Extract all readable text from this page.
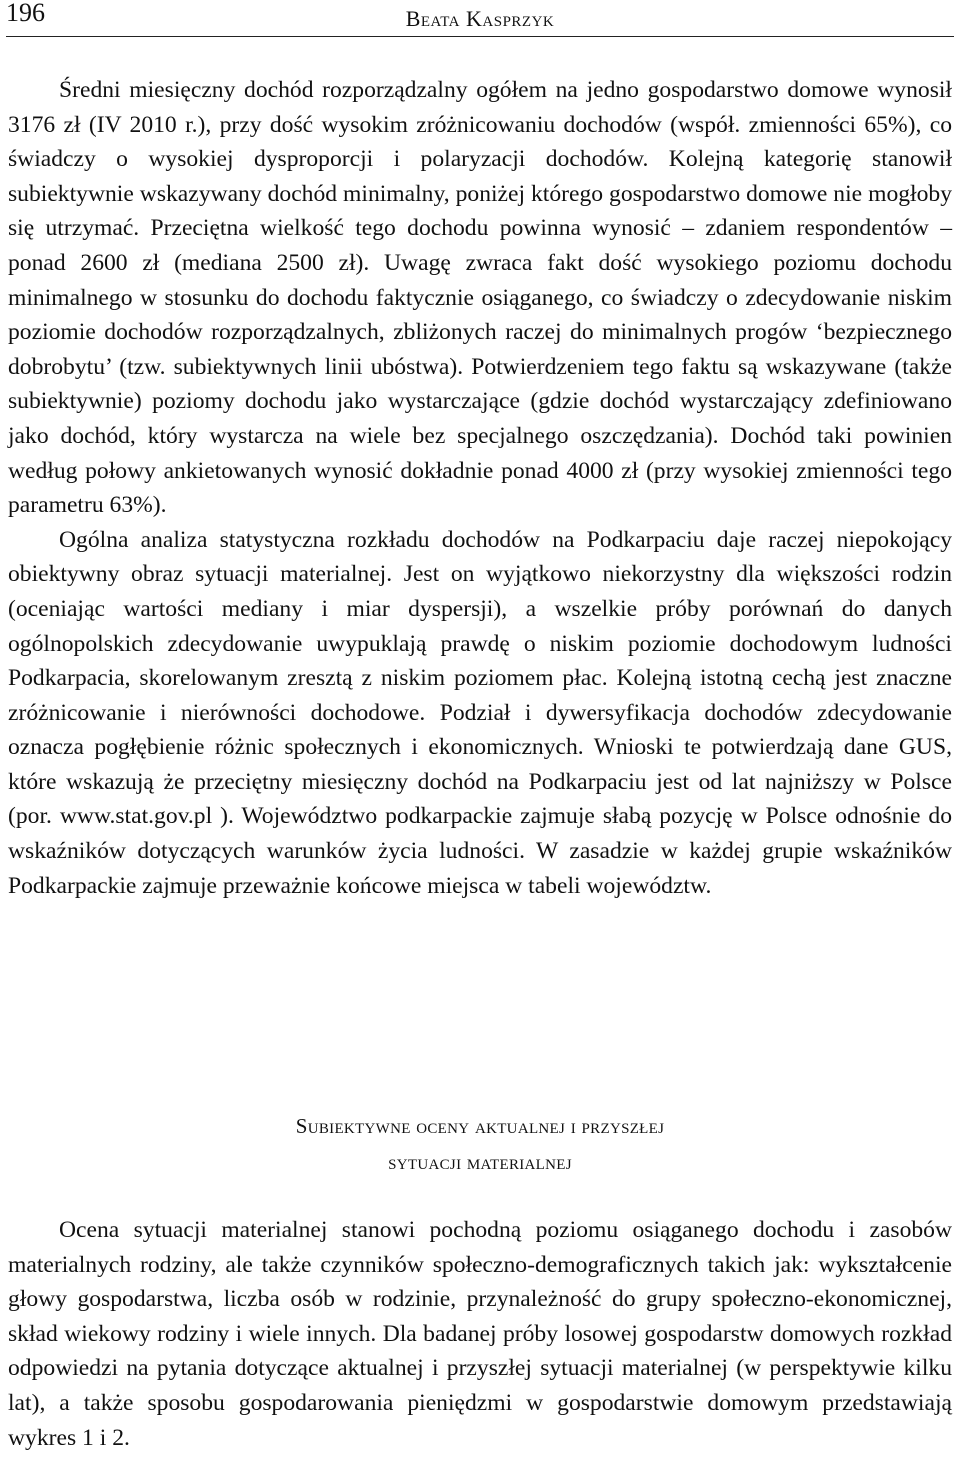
196	Beata Kasprzyk

Średni miesięczny dochód rozporządzalny ogółem na jedno gospodarstwo domowe wynosił 3176 zł (IV 2010 r.), przy dość wysokim zróżnicowaniu dochodów (współ. zmienności 65%), co świadczy o wysokiej dysproporcji i polaryzacji dochodów. Kolejną kategorię stanowił subiektywnie wskazywany dochód minimalny, poniżej którego gospodarstwo domowe nie mogłoby się utrzymać. Przeciętna wielkość tego dochodu powinna wynosić – zdaniem respondentów – ponad 2600 zł (mediana 2500 zł). Uwagę zwraca fakt dość wysokiego poziomu dochodu minimalnego w stosunku do dochodu faktycznie osiąganego, co świadczy o zdecydowanie niskim poziomie dochodów rozporządzalnych, zbliżonych raczej do minimalnych progów ‘bezpiecznego dobrobytu’ (tzw. subiektywnych linii ubóstwa). Potwierdzeniem tego faktu są wskazywane (także subiektywnie) poziomy dochodu jako wystarczające (gdzie dochód wystarczający zdefiniowano jako dochód, który wystarcza na wiele bez specjalnego oszczędzania). Dochód taki powinien według połowy ankietowanych wynosić dokładnie ponad 4000 zł (przy wysokiej zmienności tego parametru 63%).

Ogólna analiza statystyczna rozkładu dochodów na Podkarpaciu daje raczej niepokojący obiektywny obraz sytuacji materialnej. Jest on wyjątkowo niekorzystny dla większości rodzin (oceniając wartości mediany i miar dyspersji), a wszelkie próby porównań do danych ogólnopolskich zdecydowanie uwypuklają prawdę o niskim poziomie dochodowym ludności Podkarpacia, skorelowanym zresztą z niskim poziomem płac. Kolejną istotną cechą jest znaczne zróżnicowanie i nierówności dochodowe. Podział i dywersyfikacja dochodów zdecydowanie oznacza pogłębienie różnic społecznych i ekonomicznych. Wnioski te potwierdzają dane GUS, które wskazują że przeciętny miesięczny dochód na Podkarpaciu jest od lat najniższy w Polsce (por. www.stat.gov.pl ). Województwo podkarpackie zajmuje słabą pozycję w Polsce odnośnie do wskaźników dotyczących warunków życia ludności. W zasadzie w każdej grupie wskaźników Podkarpackie zajmuje przeważnie końcowe miejsca w tabeli województw.

Subiektywne oceny aktualnej i przyszłej
sytuacji materialnej

Ocena sytuacji materialnej stanowi pochodną poziomu osiąganego dochodu i zasobów materialnych rodziny, ale także czynników społeczno-demograficznych takich jak: wykształcenie głowy gospodarstwa, liczba osób w rodzinie, przynależność do grupy społeczno-ekonomicznej, skład wiekowy rodziny i wiele innych. Dla badanej próby losowej gospodarstw domowych rozkład odpowiedzi na pytania dotyczące aktualnej i przyszłej sytuacji materialnej (w perspektywie kilku lat), a także sposobu gospodarowania pieniędzmi w gospodarstwie domowym przedstawiają wykres 1 i 2.
